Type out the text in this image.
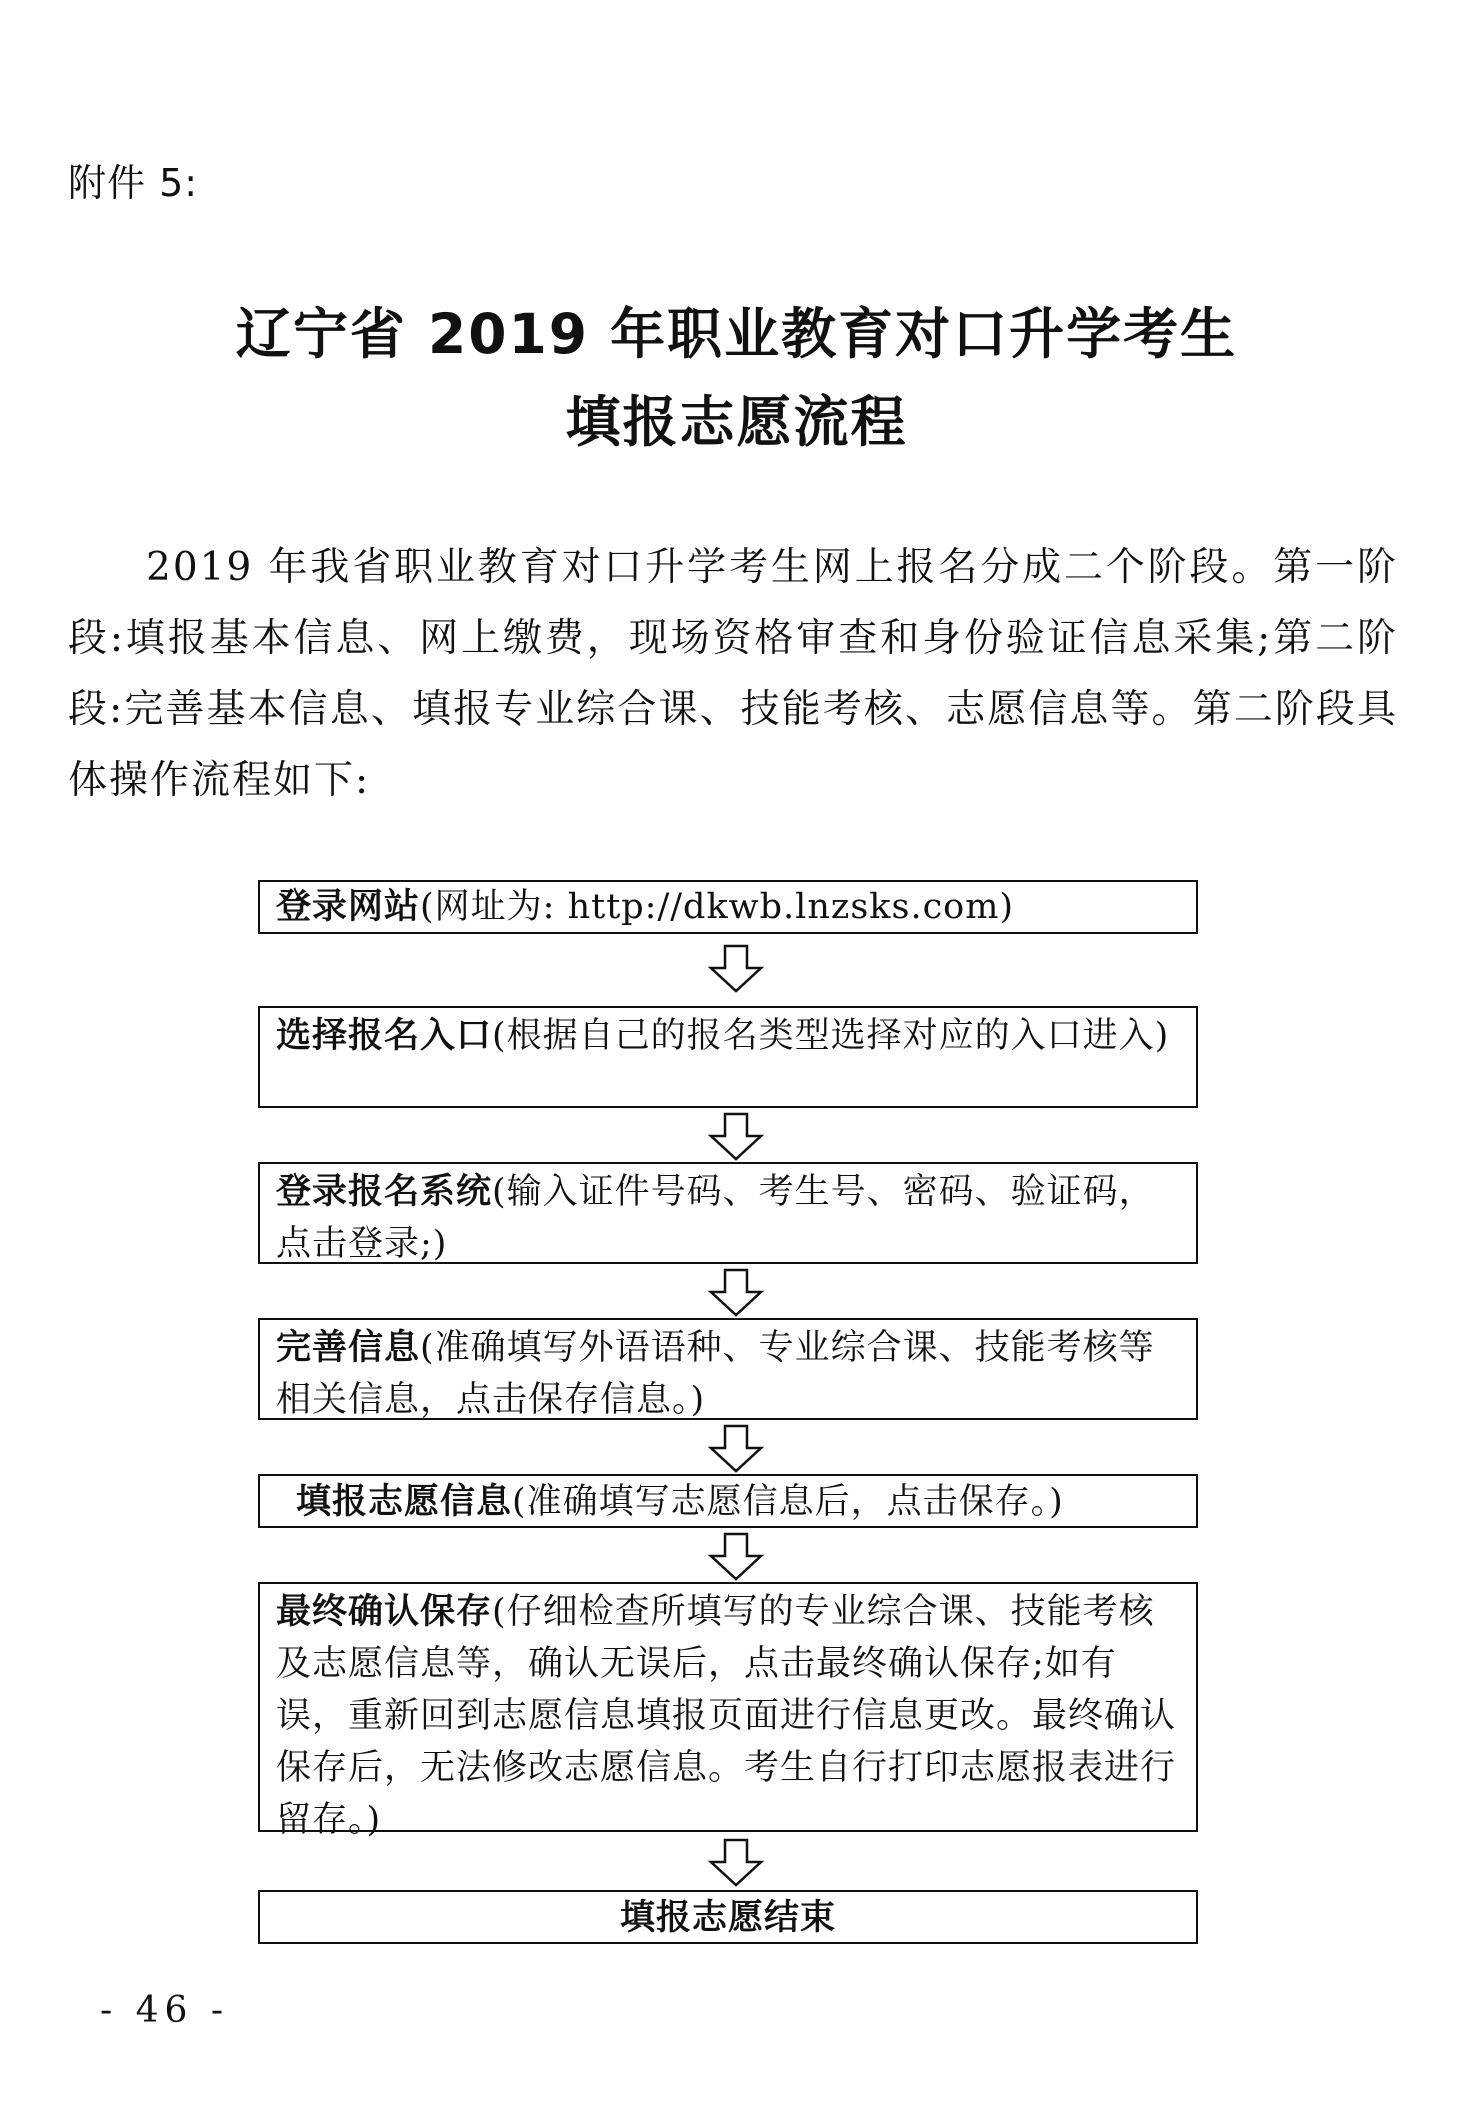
附件 5:
辽宁省 2019 年职业教育对口升学考生
填报志愿流程

2019 年我省职业教育对口升学考生网上报名分成二个阶段。第一阶段:填报基本信息、网上缴费，现场资格审查和身份验证信息采集;第二阶段:完善基本信息、填报专业综合课、技能考核、志愿信息等。第二阶段具体操作流程如下:

登录网站(网址为: http://dkwb.lnzsks.com)
选择报名入口(根据自己的报名类型选择对应的入口进入)
登录报名系统(输入证件号码、考生号、密码、验证码，点击登录;)
完善信息(准确填写外语语种、专业综合课、技能考核等相关信息，点击保存信息。)
填报志愿信息(准确填写志愿信息后，点击保存。)
最终确认保存(仔细检查所填写的专业综合课、技能考核及志愿信息等，确认无误后，点击最终确认保存;如有误，重新回到志愿信息填报页面进行信息更改。最终确认保存后，无法修改志愿信息。考生自行打印志愿报表进行留存。)
填报志愿结束
- 46 -
